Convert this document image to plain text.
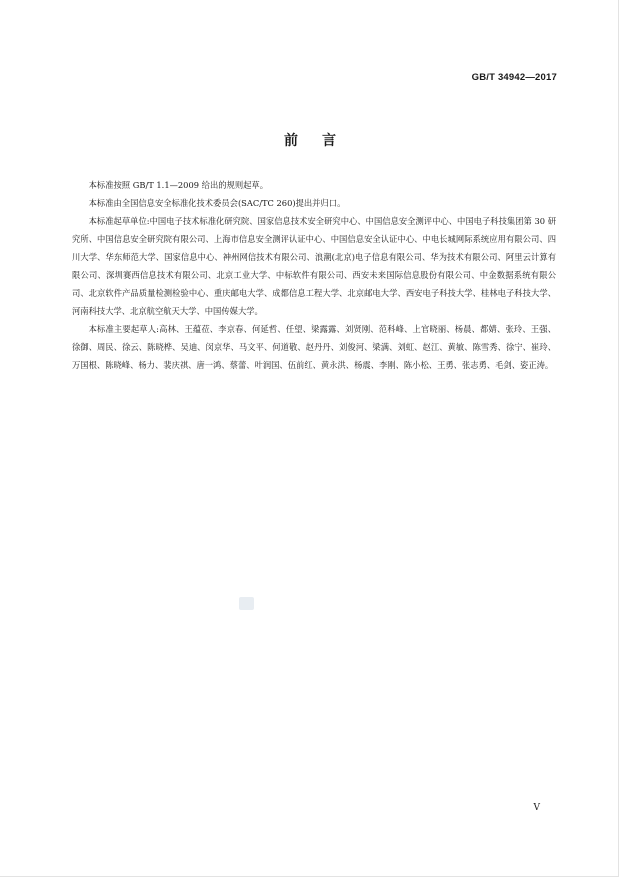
GB/T 34942—2017
前言

本标准按照 GB/T 1.1—2009 给出的规则起草。

本标准由全国信息安全标准化技术委员会(SAC/TC 260)提出并归口。

本标准起草单位:中国电子技术标准化研究院、国家信息技术安全研究中心、中国信息安全测评中心、中国电子科技集团第 30 研究所、中国信息安全研究院有限公司、上海市信息安全测评认证中心、中国信息安全认证中心、中电长城网际系统应用有限公司、四川大学、华东师范大学、国家信息中心、神州网信技术有限公司、浪潮(北京)电子信息有限公司、华为技术有限公司、阿里云计算有限公司、深圳赛西信息技术有限公司、北京工业大学、中标软件有限公司、西安未来国际信息股份有限公司、中金数据系统有限公司、北京软件产品质量检测检验中心、重庆邮电大学、成都信息工程大学、北京邮电大学、西安电子科技大学、桂林电子科技大学、河南科技大学、北京航空航天大学、中国传媒大学。

本标准主要起草人:高林、王蕴莅、李京春、何延哲、任望、梁露露、刘贤刚、范科峰、上官晓丽、杨晨、都婧、张玲、王强、徐御、周民、徐云、陈晓桦、吴迪、闵京华、马文平、何道敬、赵丹丹、刘俊河、梁满、刘虹、赵江、黄敏、陈雪秀、徐宁、崔玲、万国根、陈晓峰、杨力、裴庆祺、唐一鸿、蔡蕾、叶润国、伍前红、黄永洪、杨震、李刚、陈小松、王勇、张志勇、毛剑、姿正涛。

V
